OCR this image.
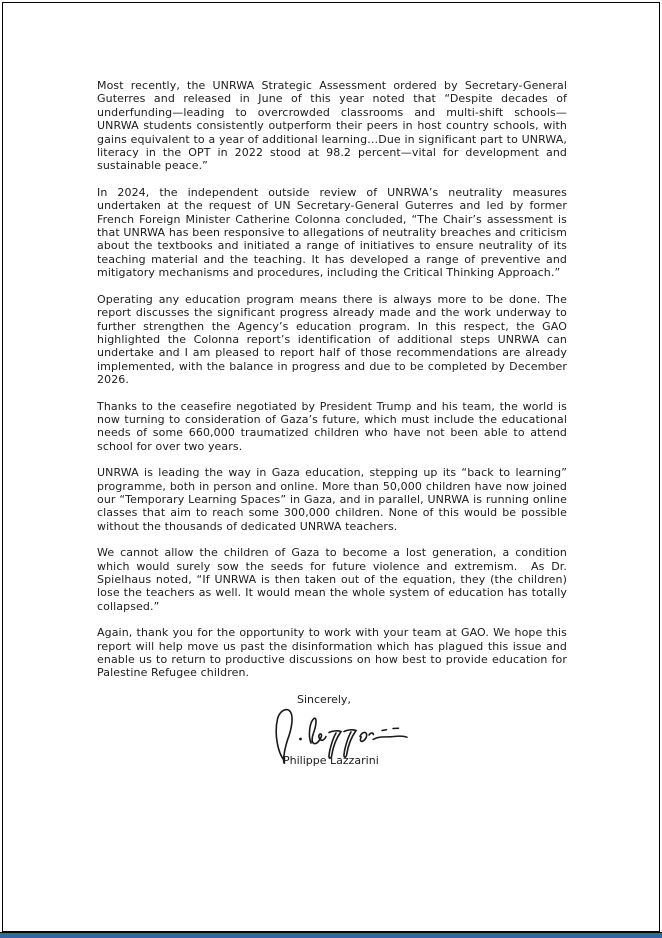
Most recently, the UNRWA Strategic Assessment ordered by Secretary-General Guterres and released in June of this year noted that “Despite decades of underfunding—leading to overcrowded classrooms and multi-shift schools— UNRWA students consistently outperform their peers in host country schools, with gains equivalent to a year of additional learning…Due in significant part to UNRWA, literacy in the OPT in 2022 stood at 98.2 percent—vital for development and sustainable peace.”

In 2024, the independent outside review of UNRWA’s neutrality measures undertaken at the request of UN Secretary-General Guterres and led by former French Foreign Minister Catherine Colonna concluded, “The Chair’s assessment is that UNRWA has been responsive to allegations of neutrality breaches and criticism about the textbooks and initiated a range of initiatives to ensure neutrality of its teaching material and the teaching. It has developed a range of preventive and mitigatory mechanisms and procedures, including the Critical Thinking Approach.”

Operating any education program means there is always more to be done. The report discusses the significant progress already made and the work underway to further strengthen the Agency’s education program. In this respect, the GAO highlighted the Colonna report’s identification of additional steps UNRWA can undertake and I am pleased to report half of those recommendations are already implemented, with the balance in progress and due to be completed by December 2026.

Thanks to the ceasefire negotiated by President Trump and his team, the world is now turning to consideration of Gaza’s future, which must include the educational needs of some 660,000 traumatized children who have not been able to attend school for over two years.

UNRWA is leading the way in Gaza education, stepping up its “back to learning” programme, both in person and online. More than 50,000 children have now joined our “Temporary Learning Spaces” in Gaza, and in parallel, UNRWA is running online classes that aim to reach some 300,000 children. None of this would be possible without the thousands of dedicated UNRWA teachers.

We cannot allow the children of Gaza to become a lost generation, a condition which would surely sow the seeds for future violence and extremism.  As Dr. Spielhaus noted, “If UNRWA is then taken out of the equation, they (the children) lose the teachers as well. It would mean the whole system of education has totally collapsed.”

Again, thank you for the opportunity to work with your team at GAO. We hope this report will help move us past the disinformation which has plagued this issue and enable us to return to productive discussions on how best to provide education for Palestine Refugee children.

Sincerely,
Philippe Lazzarini
